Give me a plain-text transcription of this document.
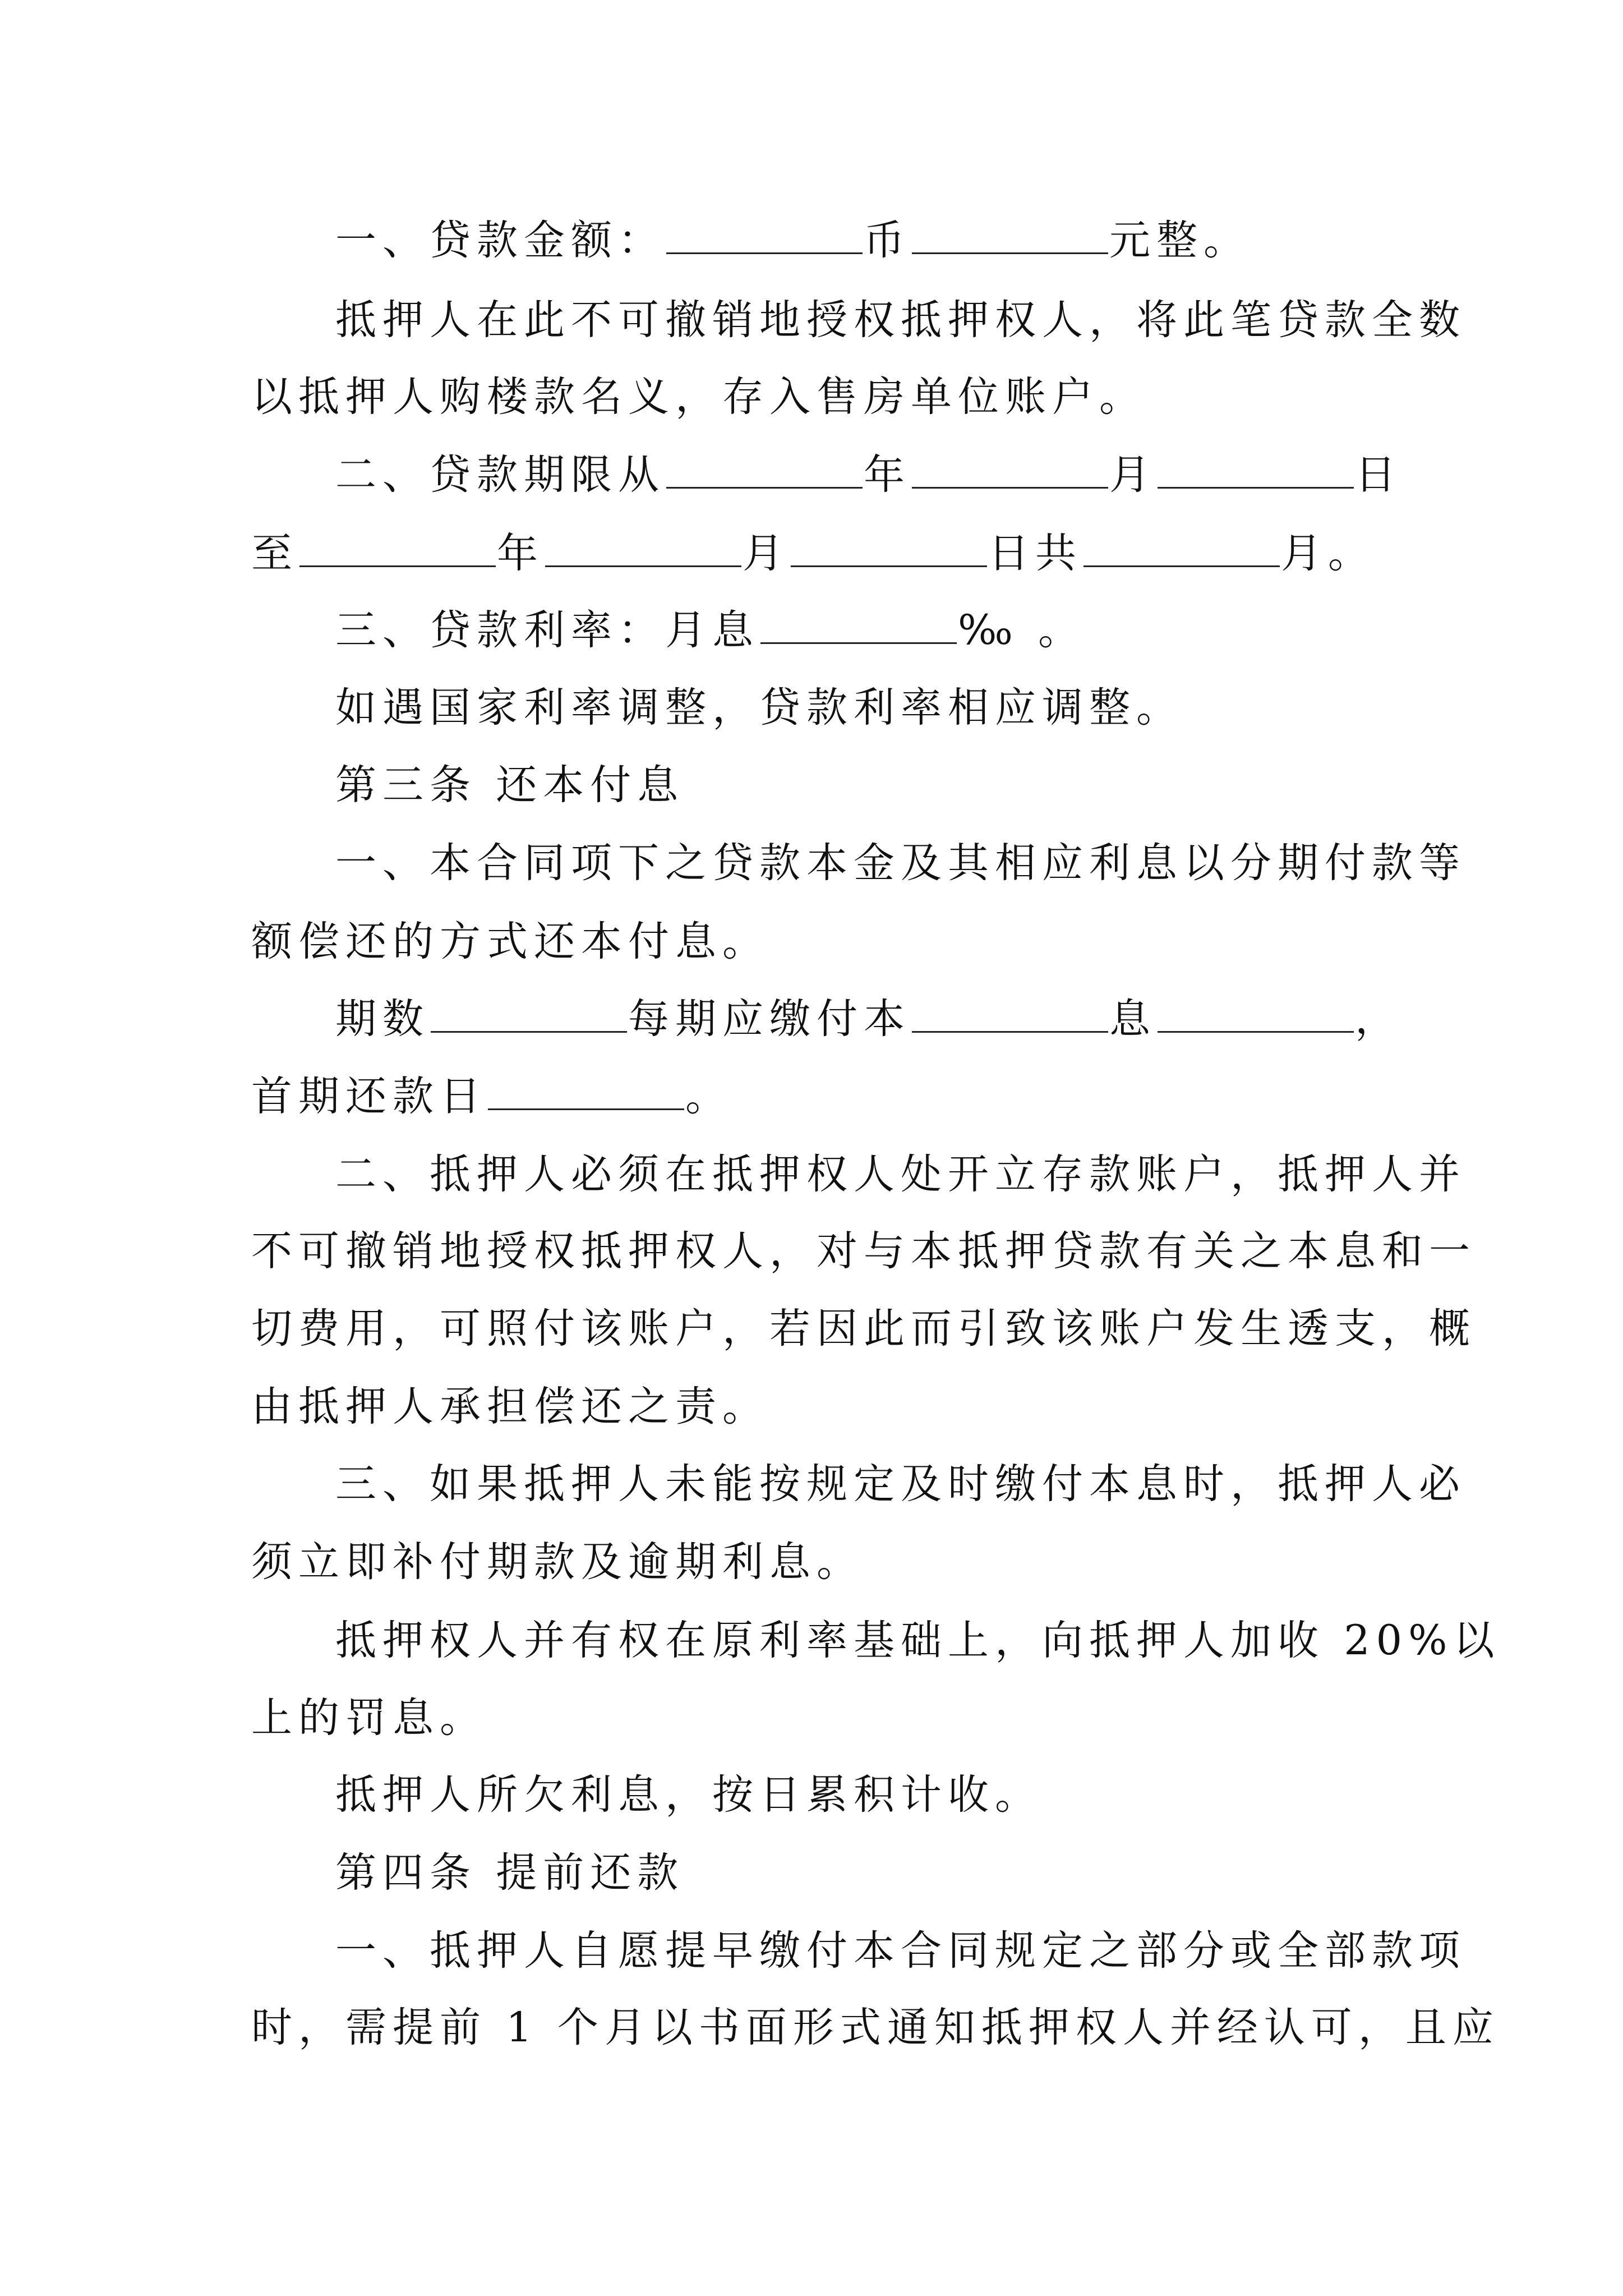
一、贷款金额：	币	元整。
抵押人在此不可撤销地授权抵押权人，将此笔贷款全数
以抵押人购楼款名义，存入售房单位账户。
二、贷款期限从	年	月	日
至	年	月	日共	月。
三、贷款利率：月息	‰ 。
如遇国家利率调整，贷款利率相应调整。
第三条 还本付息
一、本合同项下之贷款本金及其相应利息以分期付款等
额偿还的方式还本付息。
期数	每期应缴付本	息	，
首期还款日	。
二、抵押人必须在抵押权人处开立存款账户，抵押人并
不可撤销地授权抵押权人，对与本抵押贷款有关之本息和一
切费用，可照付该账户，若因此而引致该账户发生透支，概
由抵押人承担偿还之责。
三、如果抵押人未能按规定及时缴付本息时，抵押人必
须立即补付期款及逾期利息。
抵押权人并有权在原利率基础上，向抵押人加收 20%以
上的罚息。
抵押人所欠利息，按日累积计收。
第四条 提前还款
一、抵押人自愿提早缴付本合同规定之部分或全部款项
时，需提前 1 个月以书面形式通知抵押权人并经认可，且应
